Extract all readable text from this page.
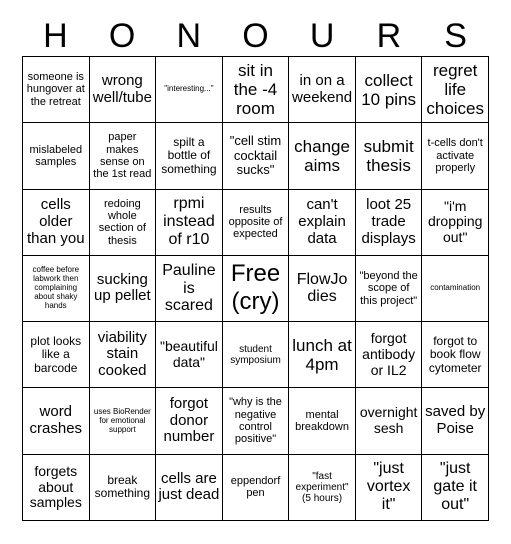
H	O	N	O	U	R	S
someone is hungover at the retreat
wrong well/tube "interesting..."
sit in the -4 room
in on a weekend
collect 10 pins
regret life choices
mislabeled samples
paper makes sense on the 1st read
spilt a bottle of something
"cell stim cocktail sucks"
change aims
submit thesis
t-cells don't activate properly
cells older than you
redoing whole section of thesis
rpmi instead of r10
results opposite of expected
can't explain data
loot 25 trade displays
"i'm dropping out"
coffee before labwork then complaining about shaky hands
sucking up pellet
Pauline is scared
Free (cry)
FlowJo dies
"beyond the scope of this project"
contamination
plot looks like a barcode
viability stain cooked
"beautiful data"
student symposium
lunch at 4pm
forgot antibody or IL2
forgot to book flow cytometer
word crashes
uses BioRender for emotional support
forgot donor number
"why is the negative control positive"
mental breakdown
overnight sesh
saved by Poise
forgets about samples
break something
cells are just dead
eppendorf pen
"fast experiment" (5 hours)
"just vortex it"
"just gate it out"
